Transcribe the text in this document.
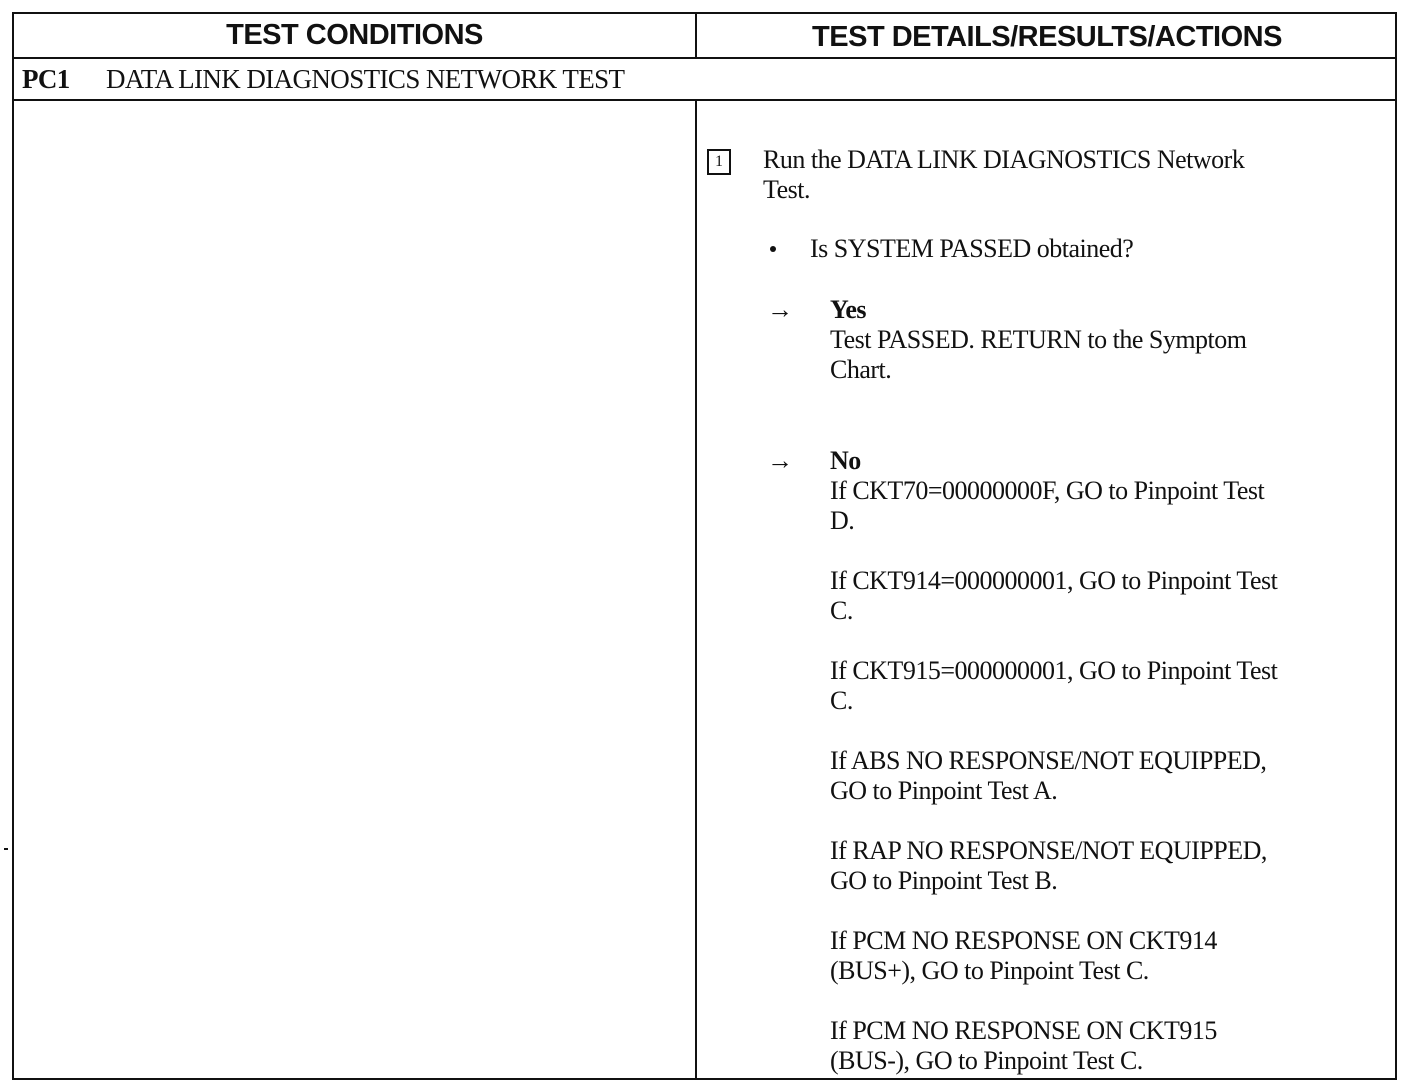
TEST CONDITIONS	TEST DETAILS/RESULTS/ACTIONS
PC1 DATA LINK DIAGNOSTICS NETWORK TEST
1	Run the DATA LINK DIAGNOSTICS Network
Test.
Is SYSTEM PASSED obtained?
→ Yes
Test PASSED. RETURN to the Symptom
Chart.
→ No
If CKT70=00000000F, GO to Pinpoint Test
D.
If CKT914=000000001, GO to Pinpoint Test
C.
If CKT915=000000001, GO to Pinpoint Test
C.
If ABS NO RESPONSE/NOT EQUIPPED,
GO to Pinpoint Test A.
If RAP NO RESPONSE/NOT EQUIPPED,
GO to Pinpoint Test B.
If PCM NO RESPONSE ON CKT914
(BUS+), GO to Pinpoint Test C.
If PCM NO RESPONSE ON CKT915
(BUS-), GO to Pinpoint Test C.
